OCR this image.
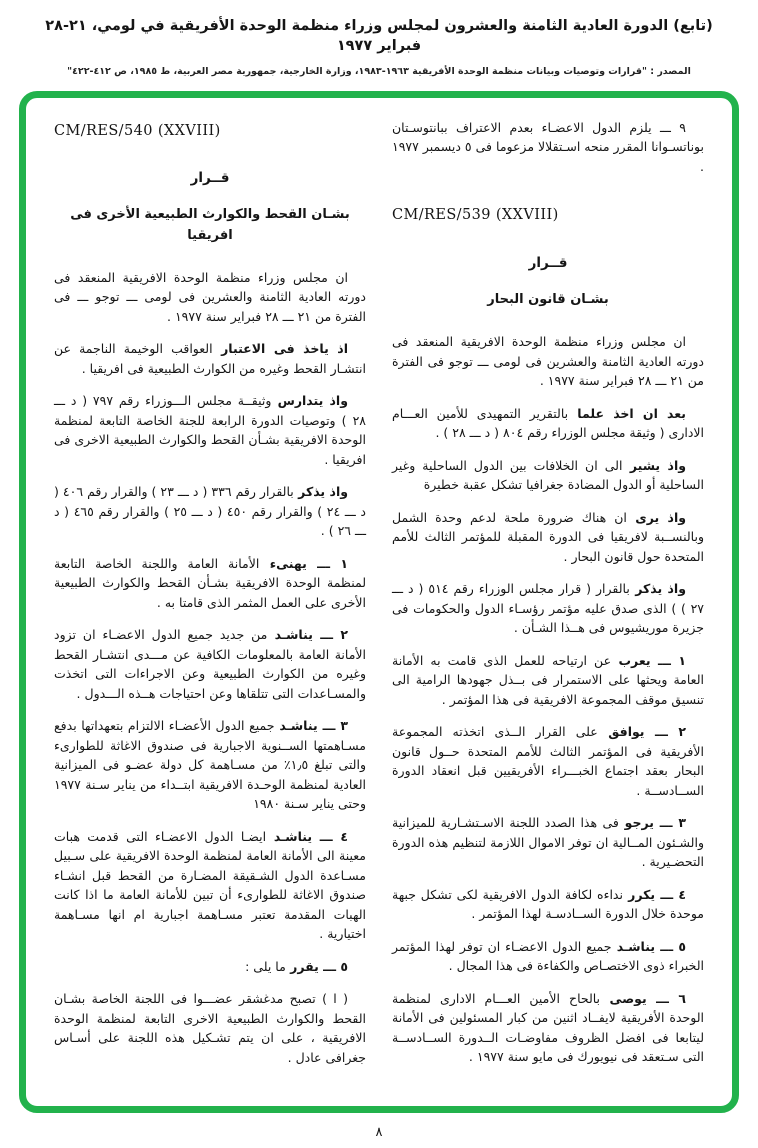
(تابع) الدورة العادية الثامنة والعشرون لمجلس وزراء منظمة الوحدة الأفريقية في لومي، ٢١-٢٨ فبراير ١٩٧٧
المصدر : "قرارات وتوصيات وبيانات منظمة الوحدة الأفريقية ١٩٦٣-١٩٨٣، وزارة الخارجية، جمهورية مصر العربية، ط ١٩٨٥، ص ٤١٢-٤٢٢"

٩ ـــ يلزم الدول الاعضـاء بعدم الاعتراف ببانتوسـتان بوناتسـوانا المقرر منحه اسـتقلالا مزعوما فى ٥ ديسمبر ١٩٧٧ .

CM/RES/539 (XXVIII)
قــرار
بشـان قانون البحار

ان مجلس وزراء منظمة الوحدة الافريقية المنعقد فى دورته العادية الثامنة والعشرين فى لومى ـــ توجو فى الفترة من ٢١ ـــ ٢٨ فبراير سنة ١٩٧٧ .

بعد ان اخذ علما بالتقرير التمهيدى للأمين العـــام الادارى ( وثيقة مجلس الوزراء رقم ٨٠٤ ( د ـــ ٢٨ ) .

واذ يشير الى ان الخلافات بين الدول الساحلية وغير الساحلية أو الدول المضادة جغرافيا تشكل عقبة خطيرة

واذ يرى ان هناك ضرورة ملحة لدعم وحدة الشمل وبالنســبة لافريقيا فى الدورة المقبلة للمؤتمر الثالث للأمم المتحدة حول قانون البحار .

واذ يذكر بالقرار ( قرار مجلس الوزراء رقم ٥١٤ ( د ـــ ٢٧ ) ) الذى صدق عليه مؤتمر رؤسـاء الدول والحكومات فى جزيرة موريشيوس فى هــذا الشـأن .

١ ـــ يعرب عن ارتياحه للعمل الذى قامت به الأمانة العامة ويحثها على الاستمرار فى بــذل جهودها الرامية الى تنسيق موقف المجموعة الافريقية فى هذا المؤتمر .

٢ ـــ يوافق على القرار الــذى اتخذته المجموعة الأفريقية فى المؤتمر الثالث للأمم المتحدة حــول قانون البحار بعقد اجتماع الخبـــراء الأفريقيين قبل انعقاد الدورة الســادســة .

٣ ـــ يرجو فى هذا الصدد اللجنة الاسـتشـارية للميزانية والشـئون المــالية ان توفر الاموال اللازمة لتنظيم هذه الدورة التحضـيرية .

٤ ـــ يكرر نداءه لكافة الدول الافريقية لكى تشكل جبهة موحدة خلال الدورة الســادسـة لهذا المؤتمر .

٥ ـــ يناشـد جميع الدول الاعضـاء ان توفر لهذا المؤتمر الخبراء ذوى الاختصـاص والكفاءة فى هذا المجال .

٦ ـــ يوصى بالحاح الأمين العـــام الادارى لمنظمة الوحدة الأفريقية لايفــاد اثنين من كبار المسئولين فى الأمانة ليتابعا فى افضل الظروف مفاوضـات الــدورة الســادســة التى سـتعقد فى نيويورك فى مايو سنة ١٩٧٧ .

CM/RES/540 (XXVIII)
قــرار
بشـان القحط والكوارث الطبيعية الأخرى فى افريقيا

ان مجلس وزراء منظمة الوحدة الافريقية المنعقد فى دورته العادية الثامنة والعشرين فى لومى ـــ توجو ـــ فى الفترة من ٢١ ـــ ٢٨ فبراير سنة ١٩٧٧ .

اذ ياخذ فى الاعتبار العواقب الوخيمة الناجمة عن انتشـار القحط وغيره من الكوارث الطبيعية فى افريقيا .

واذ يتدارس وثيقــة مجلس الـــوزراء رقم ٧٩٧ ( د ـــ ٢٨ ) وتوصيات الدورة الرابعة للجنة الخاصة التابعة لمنظمة الوحدة الافريقية بشـأن القحط والكوارث الطبيعية الاخرى فى افريقيا .

واذ يذكر بالقرار رقم ٣٣٦ ( د ـــ ٢٣ ) والقرار رقم ٤٠٦ ( د ـــ ٢٤ ) والقرار رقم ٤٥٠ ( د ـــ ٢٥ ) والقرار رقم ٤٦٥ ( د ـــ ٢٦ ) .

١ ـــ يهنىء الأمانة العامة واللجنة الخاصة التابعة لمنظمة الوحدة الافريقية بشـأن القحط والكوارث الطبيعية الأخرى على العمل المثمر الذى قامتا به .

٢ ـــ يناشـد من جديد جميع الدول الاعضـاء ان تزود الأمانة العامة بالمعلومات الكافية عن مـــدى انتشـار القحط وغيره من الكوارث الطبيعية وعن الاجراءات التى اتخذت والمسـاعدات التى تتلقاها وعن احتياجات هــذه الـــدول .

٣ ـــ يناشـد جميع الدول الأعضـاء الالتزام بتعهداتها بدفع مسـاهمتها الســنوية الاجبارية فى صندوق الاغاثة للطوارىء والتى تبلغ ١٫٥٪ من مسـاهمة كل دولة عضـو فى الميزانية العادية لمنظمة الوحـدة الافريقية ابتــداء من يناير سـنة ١٩٧٧ وحتى يناير سـنة ١٩٨٠

٤ ـــ يناشـد ايضـا الدول الاعضـاء التى قدمت هبات معينة الى الأمانة العامة لمنظمة الوحدة الافريقية على سـبيل مسـاعدة الدول الشـقيقة المضـارة من القحط قبل انشـاء صندوق الاغاثة للطوارىء أن تبين للأمانة العامة ما اذا كانت الهبات المقدمة تعتبر مسـاهمة اجبارية ام انها مسـاهمة اختيارية .

٥ ـــ يقرر ما يلى :

( ا ) تصبح مدغشقر عضـــوا فى اللجنة الخاصة بشـان القحط والكوارث الطبيعية الاخرى التابعة لمنظمة الوحدة الافريقية ، على ان يتم تشـكيل هذه اللجنة على أسـاس جغرافى عادل .

٨
